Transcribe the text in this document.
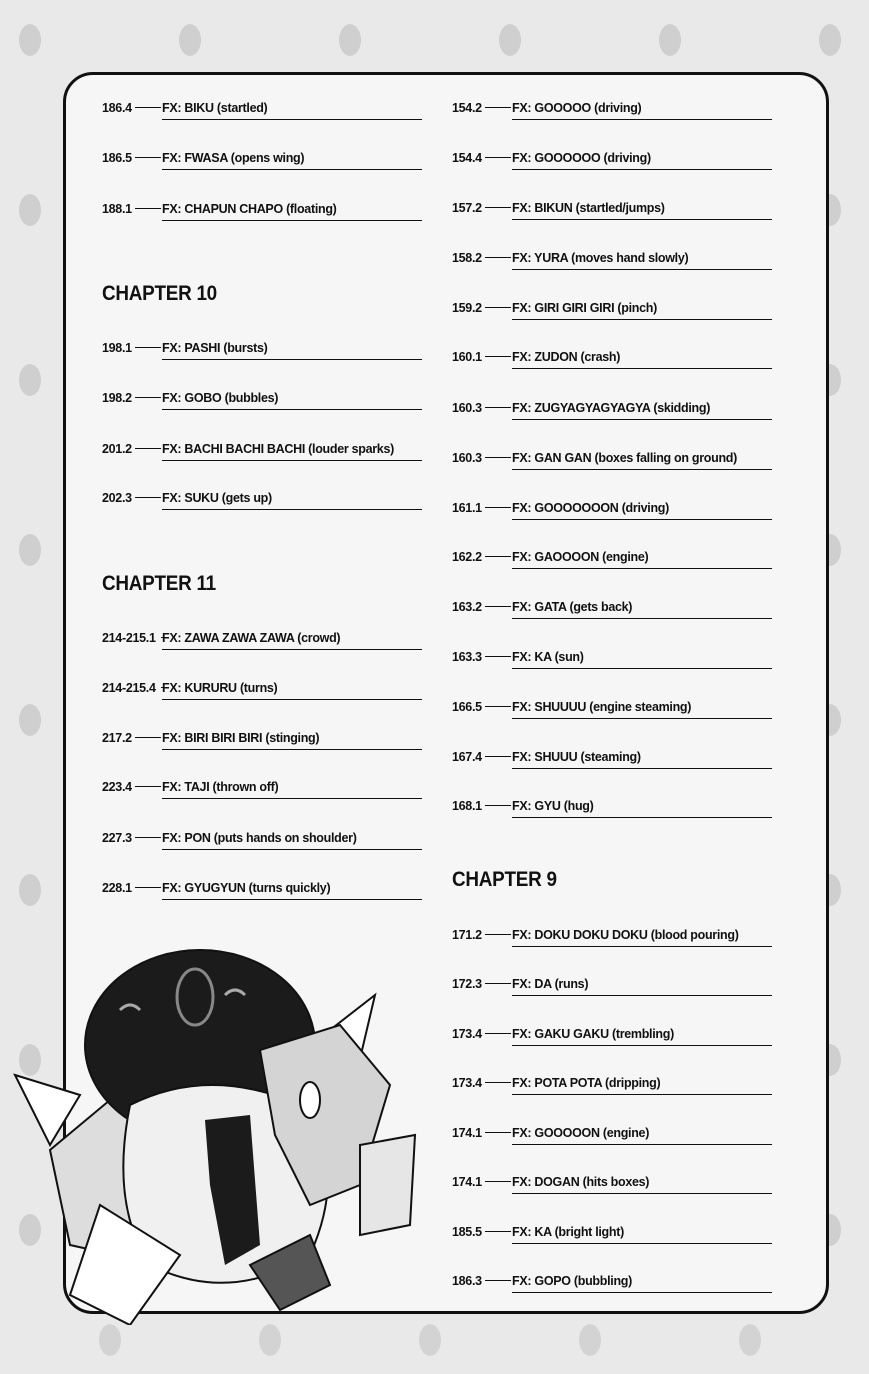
186.4 FX: BIKU (startled)
186.5 FX: FWASA (opens wing)
188.1 FX: CHAPUN CHAPO (floating)
CHAPTER 10
198.1 FX: PASHI (bursts)
198.2 FX: GOBO (bubbles)
201.2 FX: BACHI BACHI BACHI (louder sparks)
202.3 FX: SUKU (gets up)
CHAPTER 11
214-215.1 FX: ZAWA ZAWA ZAWA (crowd)
214-215.4 FX: KURURU (turns)
217.2 FX: BIRI BIRI BIRI (stinging)
223.4 FX: TAJI (thrown off)
227.3 FX: PON (puts hands on shoulder)
228.1 FX: GYUGYUN (turns quickly)
154.2 FX: GOOOOO (driving)
154.4 FX: GOOOOOO (driving)
157.2 FX: BIKUN (startled/jumps)
158.2 FX: YURA (moves hand slowly)
159.2 FX: GIRI GIRI GIRI (pinch)
160.1 FX: ZUDON (crash)
160.3 FX: ZUGYAGYAGYAGYA (skidding)
160.3 FX: GAN GAN (boxes falling on ground)
161.1 FX: GOOOOOOON (driving)
162.2 FX: GAOOOON (engine)
163.2 FX: GATA (gets back)
163.3 FX: KA (sun)
166.5 FX: SHUUUU (engine steaming)
167.4 FX: SHUUU (steaming)
168.1 FX: GYU (hug)
CHAPTER 9
171.2 FX: DOKU DOKU DOKU (blood pouring)
172.3 FX: DA (runs)
173.4 FX: GAKU GAKU (trembling)
173.4 FX: POTA POTA (dripping)
174.1 FX: GOOOOON (engine)
174.1 FX: DOGAN (hits boxes)
185.5 FX: KA (bright light)
186.3 FX: GOPO (bubbling)
